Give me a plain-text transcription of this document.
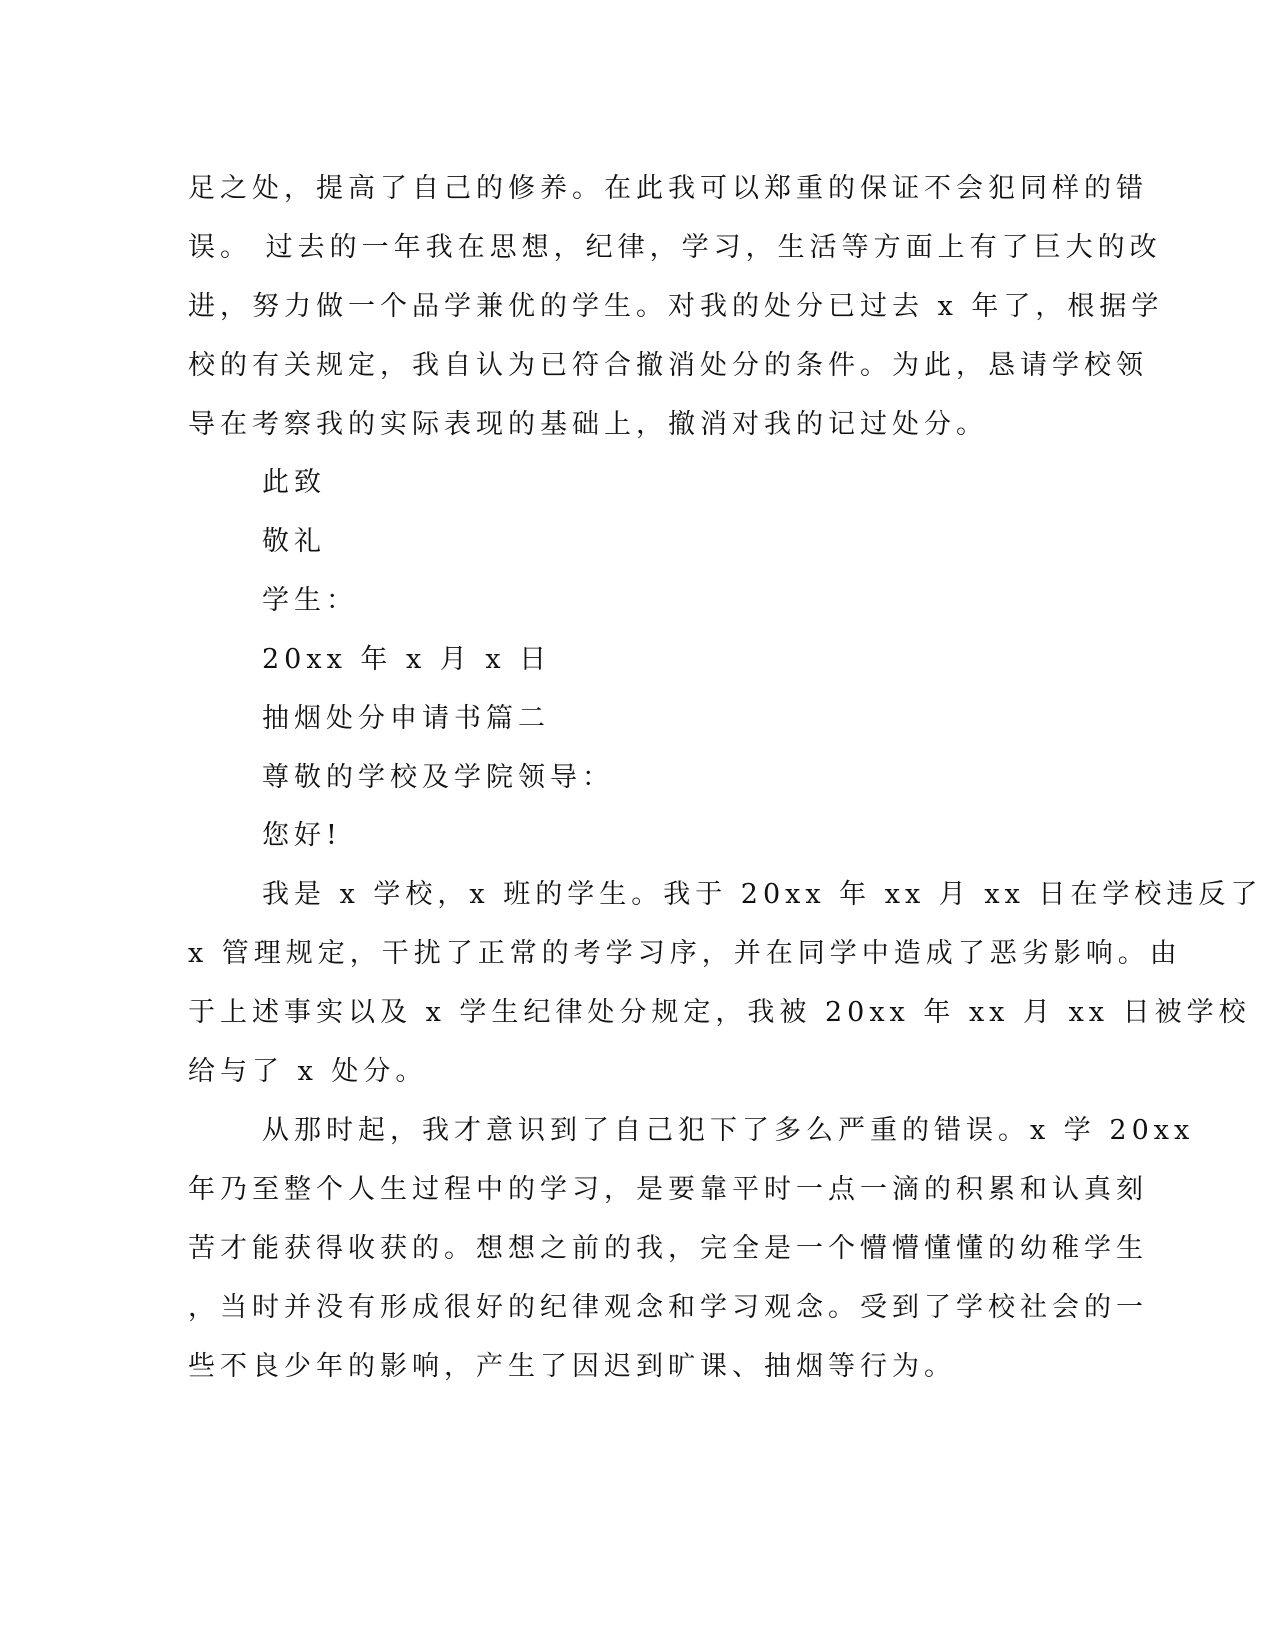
足之处，提高了自己的修养。在此我可以郑重的保证不会犯同样的错
误。 过去的一年我在思想，纪律，学习，生活等方面上有了巨大的改
进，努力做一个品学兼优的学生。对我的处分已过去 x 年了，根据学
校的有关规定，我自认为已符合撤消处分的条件。为此，恳请学校领
导在考察我的实际表现的基础上，撤消对我的记过处分。
此致
敬礼
学生：
20xx 年 x 月 x 日
抽烟处分申请书篇二
尊敬的学校及学院领导：
您好!
我是 x 学校，x 班的学生。我于 20xx 年 xx 月 xx 日在学校违反了
x 管理规定，干扰了正常的考学习序，并在同学中造成了恶劣影响。由
于上述事实以及 x 学生纪律处分规定，我被 20xx 年 xx 月 xx 日被学校
给与了 x 处分。
从那时起，我才意识到了自己犯下了多么严重的错误。x 学 20xx
年乃至整个人生过程中的学习，是要靠平时一点一滴的积累和认真刻
苦才能获得收获的。想想之前的我，完全是一个懵懵懂懂的幼稚学生
，当时并没有形成很好的纪律观念和学习观念。受到了学校社会的一
些不良少年的影响，产生了因迟到旷课、抽烟等行为。
